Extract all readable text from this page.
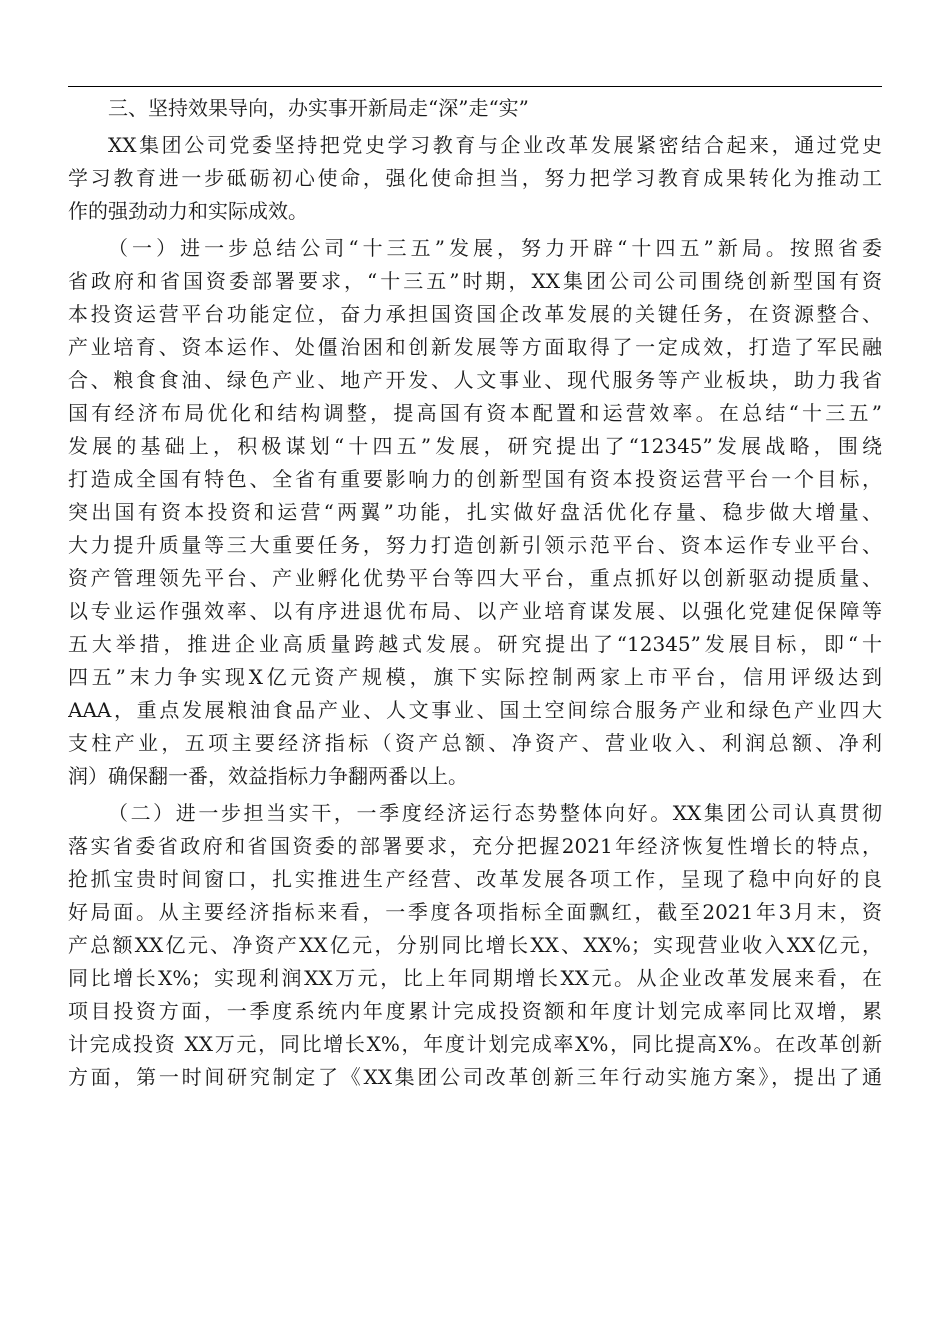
三、坚持效果导向，办实事开新局走“深”走“实”
XX集团公司党委坚持把党史学习教育与企业改革发展紧密结合起来，通过党史
学习教育进一步砥砺初心使命，强化使命担当，努力把学习教育成果转化为推动工
作的强劲动力和实际成效。
（一）进一步总结公司“十三五”发展，努力开辟“十四五”新局。按照省委
省政府和省国资委部署要求，“十三五”时期，XX集团公司公司围绕创新型国有资
本投资运营平台功能定位，奋力承担国资国企改革发展的关键任务，在资源整合、
产业培育、资本运作、处僵治困和创新发展等方面取得了一定成效，打造了军民融
合、粮食食油、绿色产业、地产开发、人文事业、现代服务等产业板块，助力我省
国有经济布局优化和结构调整，提高国有资本配置和运营效率。在总结“十三五”
发展的基础上，积极谋划“十四五”发展，研究提出了“12345”发展战略，围绕
打造成全国有特色、全省有重要影响力的创新型国有资本投资运营平台一个目标，
突出国有资本投资和运营“两翼”功能，扎实做好盘活优化存量、稳步做大增量、
大力提升质量等三大重要任务，努力打造创新引领示范平台、资本运作专业平台、
资产管理领先平台、产业孵化优势平台等四大平台，重点抓好以创新驱动提质量、
以专业运作强效率、以有序进退优布局、以产业培育谋发展、以强化党建促保障等
五大举措，推进企业高质量跨越式发展。研究提出了“12345”发展目标，即“十
四五”末力争实现X亿元资产规模，旗下实际控制两家上市平台，信用评级达到
AAA，重点发展粮油食品产业、人文事业、国土空间综合服务产业和绿色产业四大
支柱产业，五项主要经济指标（资产总额、净资产、营业收入、利润总额、净利
润）确保翻一番，效益指标力争翻两番以上。
（二）进一步担当实干，一季度经济运行态势整体向好。XX集团公司认真贯彻
落实省委省政府和省国资委的部署要求，充分把握2021年经济恢复性增长的特点，
抢抓宝贵时间窗口，扎实推进生产经营、改革发展各项工作，呈现了稳中向好的良
好局面。从主要经济指标来看，一季度各项指标全面飘红，截至2021年3月末，资
产总额XX亿元、净资产XX亿元，分别同比增长XX、XX%；实现营业收入XX亿元，
同比增长X%；实现利润XX万元，比上年同期增长XX元。从企业改革发展来看，在
项目投资方面，一季度系统内年度累计完成投资额和年度计划完成率同比双增，累
计完成投资 XX万元，同比增长X%，年度计划完成率X%，同比提高X%。在改革创新
方面，第一时间研究制定了《XX集团公司改革创新三年行动实施方案》，提出了通
